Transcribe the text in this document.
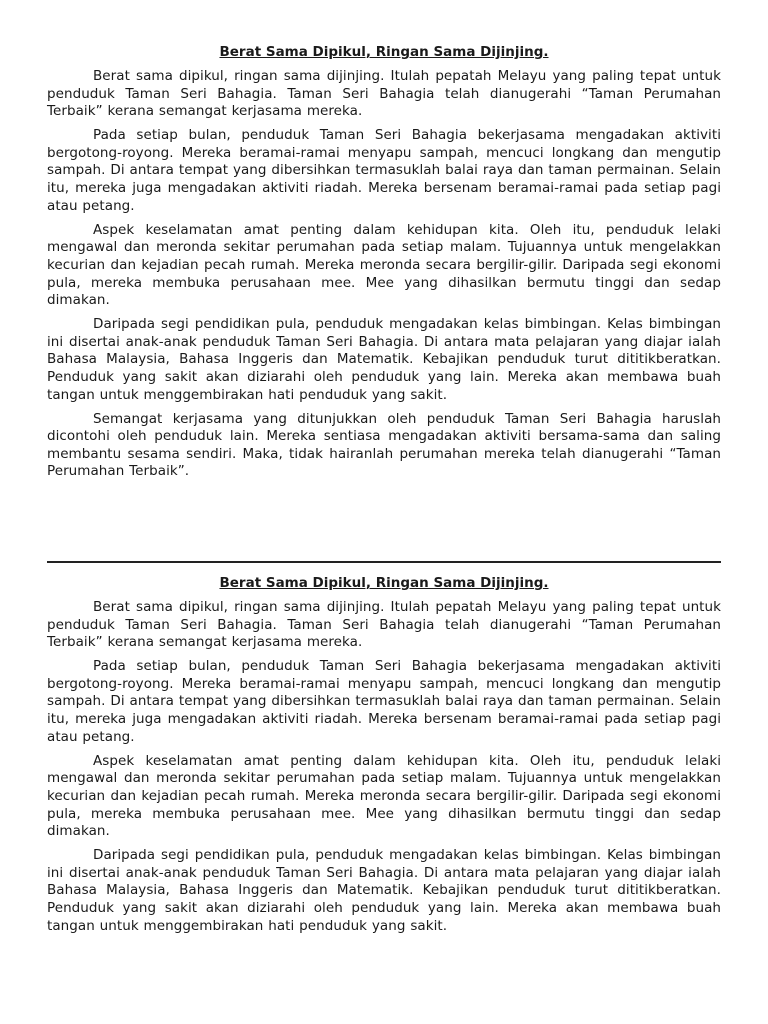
Berat Sama Dipikul, Ringan Sama Dijinjing.

Berat sama dipikul, ringan sama dijinjing. Itulah pepatah Melayu yang paling tepat untuk penduduk Taman Seri Bahagia. Taman Seri Bahagia telah dianugerahi “Taman Perumahan Terbaik” kerana semangat kerjasama mereka.

Pada setiap bulan, penduduk Taman Seri Bahagia bekerjasama mengadakan aktiviti bergotong-royong. Mereka beramai-ramai menyapu sampah, mencuci longkang dan mengutip sampah. Di antara tempat yang dibersihkan termasuklah balai raya dan taman permainan. Selain itu, mereka juga mengadakan aktiviti riadah. Mereka bersenam beramai-ramai pada setiap pagi atau petang.

Aspek keselamatan amat penting dalam kehidupan kita. Oleh itu, penduduk lelaki mengawal dan meronda sekitar perumahan pada setiap malam. Tujuannya untuk mengelakkan kecurian dan kejadian pecah rumah. Mereka meronda secara bergilir-gilir. Daripada segi ekonomi pula, mereka membuka perusahaan mee. Mee yang dihasilkan bermutu tinggi dan sedap dimakan.

Daripada segi pendidikan pula, penduduk mengadakan kelas bimbingan. Kelas bimbingan ini disertai anak-anak penduduk Taman Seri Bahagia. Di antara mata pelajaran yang diajar ialah Bahasa Malaysia, Bahasa Inggeris dan Matematik. Kebajikan penduduk turut dititikberatkan. Penduduk yang sakit akan diziarahi oleh penduduk yang lain. Mereka akan membawa buah tangan untuk menggembirakan hati penduduk yang sakit.

Semangat kerjasama yang ditunjukkan oleh penduduk Taman Seri Bahagia haruslah dicontohi oleh penduduk lain. Mereka sentiasa mengadakan aktiviti bersama-sama dan saling membantu sesama sendiri. Maka, tidak hairanlah perumahan mereka telah dianugerahi “Taman Perumahan Terbaik”.

Berat Sama Dipikul, Ringan Sama Dijinjing.

Berat sama dipikul, ringan sama dijinjing. Itulah pepatah Melayu yang paling tepat untuk penduduk Taman Seri Bahagia. Taman Seri Bahagia telah dianugerahi “Taman Perumahan Terbaik” kerana semangat kerjasama mereka.

Pada setiap bulan, penduduk Taman Seri Bahagia bekerjasama mengadakan aktiviti bergotong-royong. Mereka beramai-ramai menyapu sampah, mencuci longkang dan mengutip sampah. Di antara tempat yang dibersihkan termasuklah balai raya dan taman permainan. Selain itu, mereka juga mengadakan aktiviti riadah. Mereka bersenam beramai-ramai pada setiap pagi atau petang.

Aspek keselamatan amat penting dalam kehidupan kita. Oleh itu, penduduk lelaki mengawal dan meronda sekitar perumahan pada setiap malam. Tujuannya untuk mengelakkan kecurian dan kejadian pecah rumah. Mereka meronda secara bergilir-gilir. Daripada segi ekonomi pula, mereka membuka perusahaan mee. Mee yang dihasilkan bermutu tinggi dan sedap dimakan.

Daripada segi pendidikan pula, penduduk mengadakan kelas bimbingan. Kelas bimbingan ini disertai anak-anak penduduk Taman Seri Bahagia. Di antara mata pelajaran yang diajar ialah Bahasa Malaysia, Bahasa Inggeris dan Matematik. Kebajikan penduduk turut dititikberatkan. Penduduk yang sakit akan diziarahi oleh penduduk yang lain. Mereka akan membawa buah tangan untuk menggembirakan hati penduduk yang sakit.
